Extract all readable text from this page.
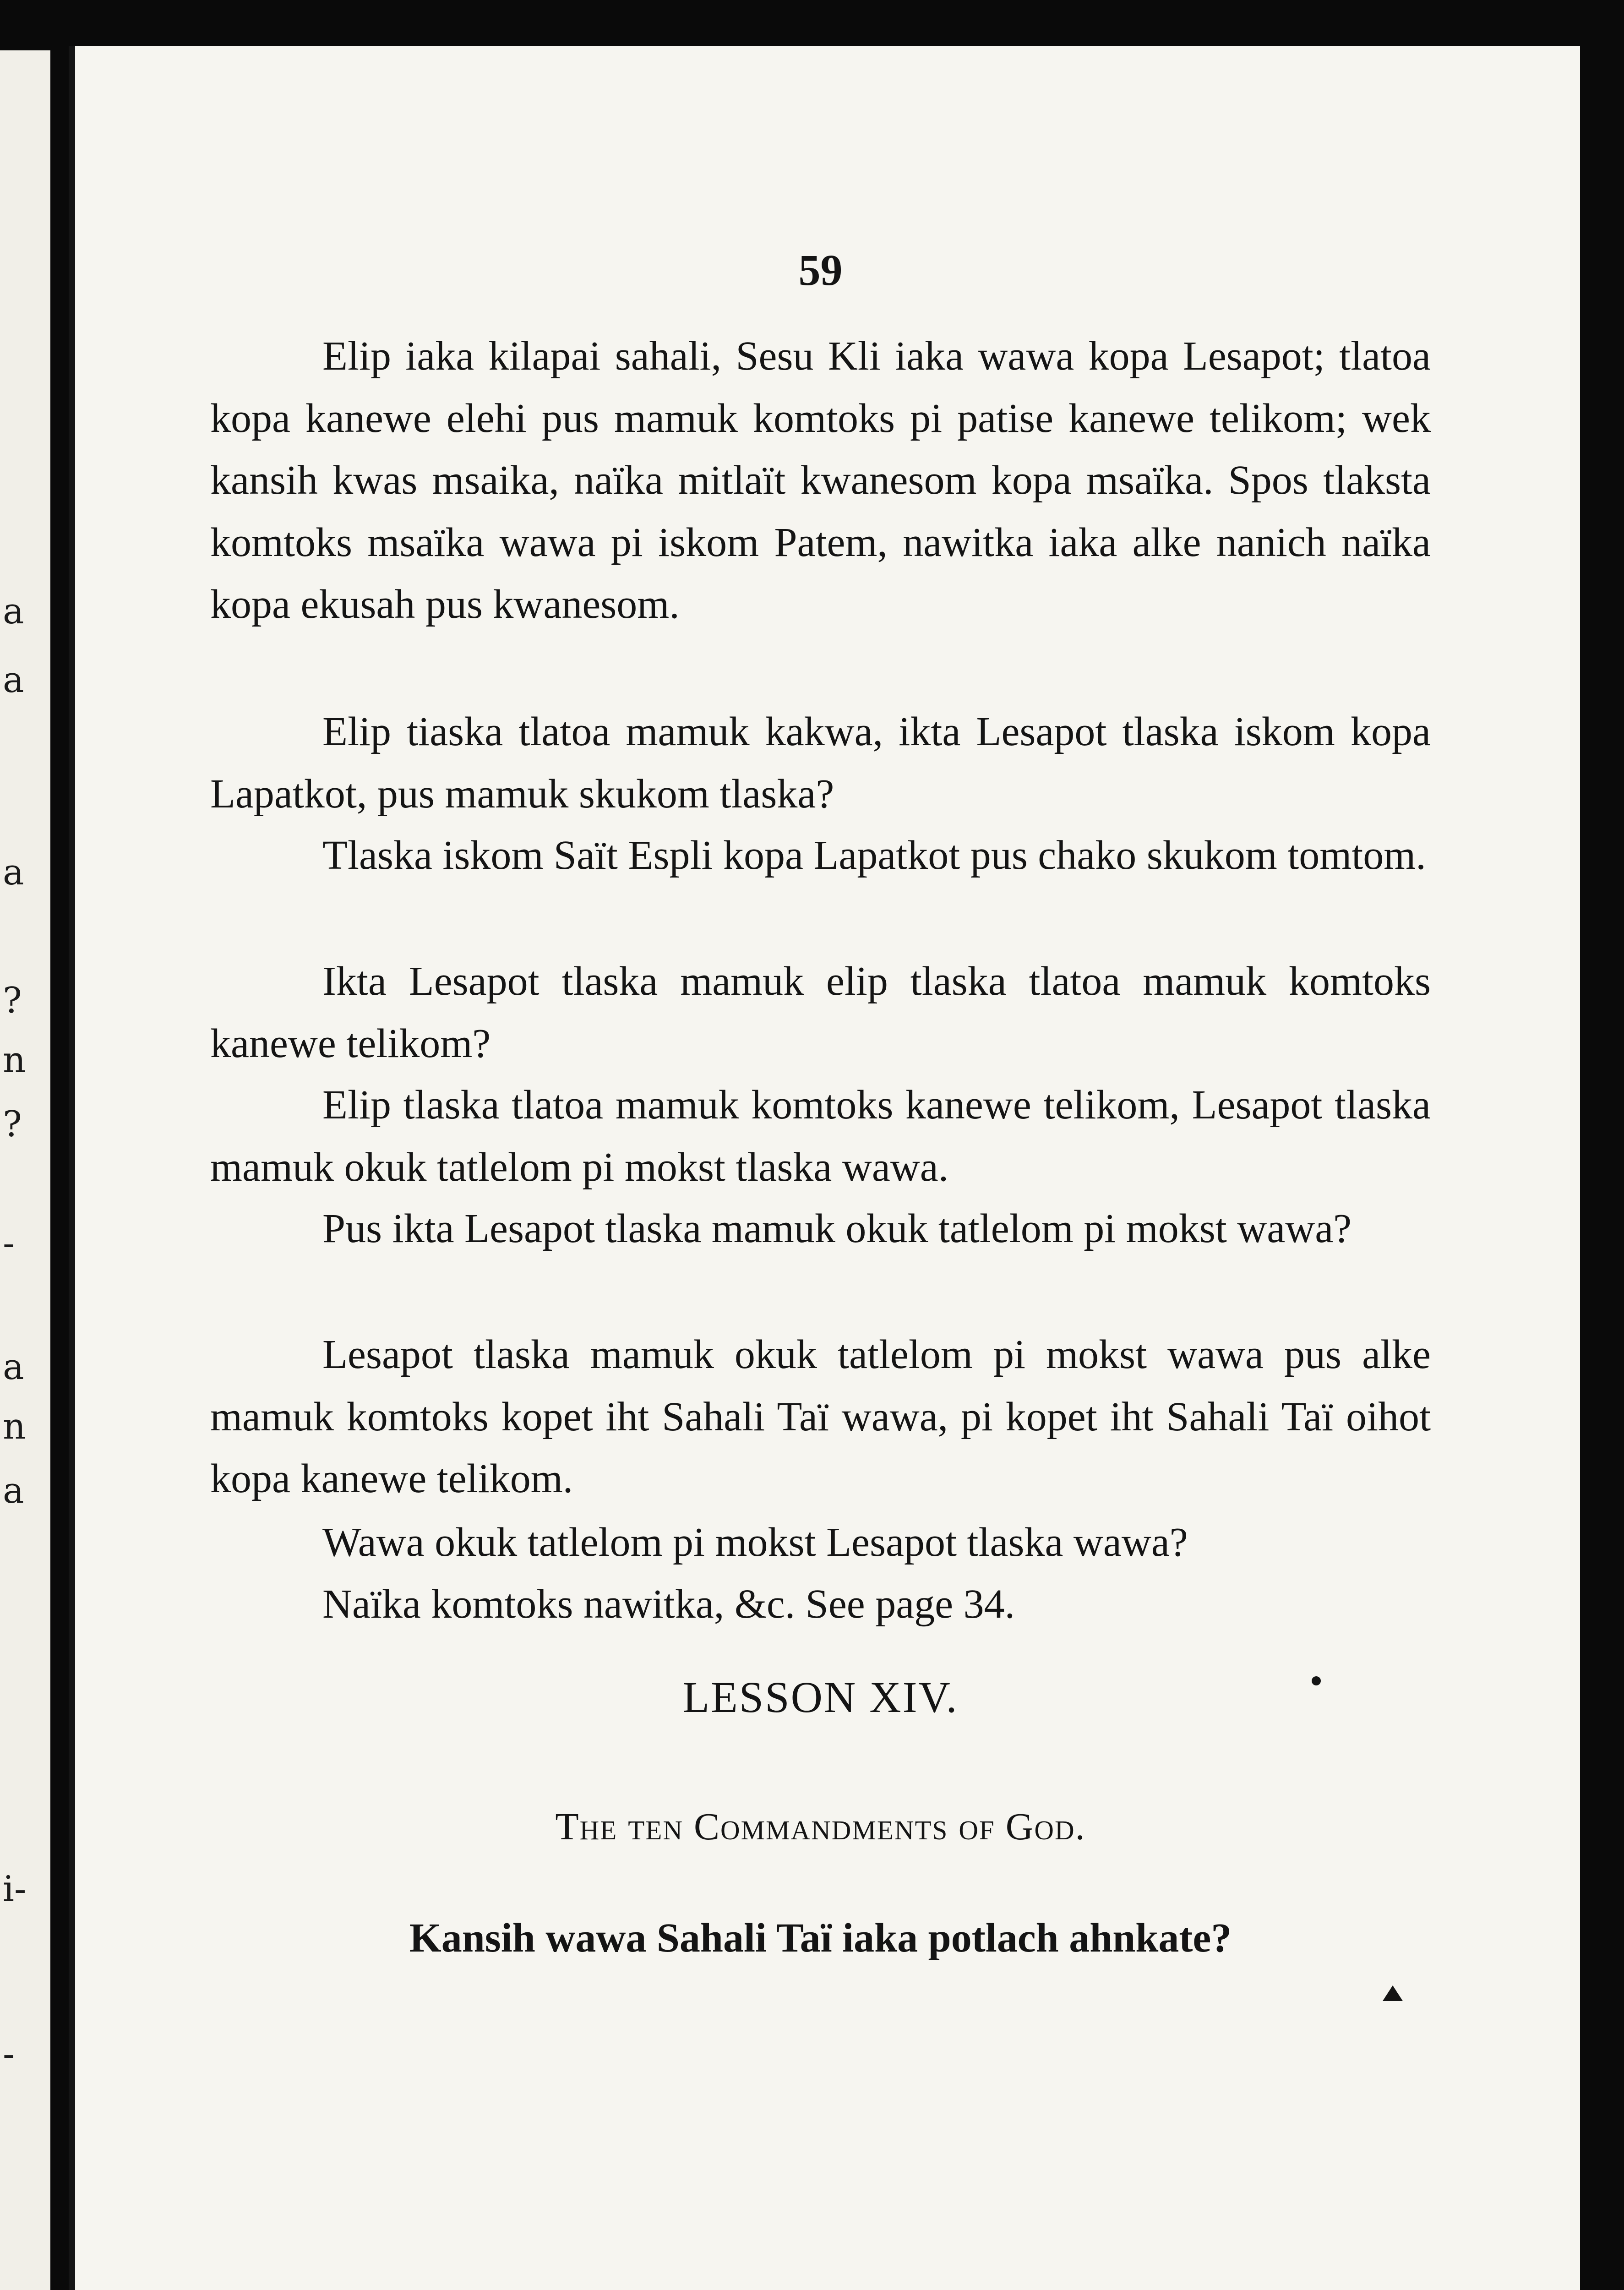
a
a
a
?
n
?
-
a
n
a
i-
-
59

Elip iaka kilapai sahali, Sesu Kli iaka wawa kopa Lesapot; tlatoa kopa kanewe elehi pus mamuk komtoks pi patise kanewe telikom; wek kansih kwas msaika, naïka mitlaït kwanesom kopa msaïka. Spos tlaksta komtoks msaïka wawa pi iskom Patem, nawitka iaka alke nanich naïka kopa ekusah pus kwanesom.

Elip tiaska tlatoa mamuk kakwa, ikta Lesapot tlaska iskom kopa Lapatkot, pus mamuk skukom tlaska?

Tlaska iskom Saït Espli kopa Lapatkot pus chako skukom tomtom.

Ikta Lesapot tlaska mamuk elip tlaska tlatoa mamuk komtoks kanewe telikom?

Elip tlaska tlatoa mamuk komtoks kanewe telikom, Lesapot tlaska mamuk okuk tatlelom pi mokst tlaska wawa.

Pus ikta Lesapot tlaska mamuk okuk tatlelom pi mokst wawa?

Lesapot tlaska mamuk okuk tatlelom pi mokst wawa pus alke mamuk komtoks kopet iht Sahali Taï wawa, pi kopet iht Sahali Taï oihot kopa kanewe telikom.

Wawa okuk tatlelom pi mokst Lesapot tlaska wawa?

Naïka komtoks nawitka, &c. See page 34.

LESSON XIV.
The ten Commandments of God.
Kansih wawa Sahali Taï iaka potlach ahnkate?
